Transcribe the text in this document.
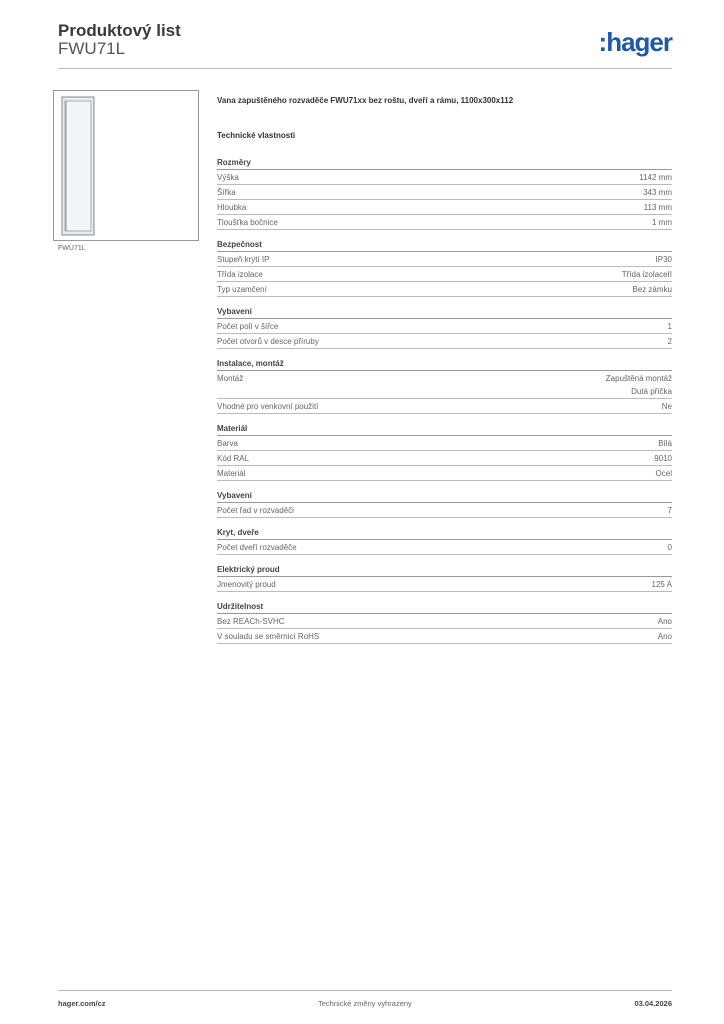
Produktový list
FWU71L	:hager
FWU71L
Vana zapuštěného rozvaděče FWU71xx bez roštu, dveří a rámu, 1100x300x112
Technické vlastnosti
Rozměry
Výška	1142 mm
Šířka	343 mm
Hloubka	113 mm
Tloušťka bočnice	1 mm
Bezpečnost
Stupeň krytí IP	IP30
Třída izolace	Třída izolaceII
Typ uzamčení	Bez zámku
Vybavení
Počet polí v šířce	1
Počet otvorů v desce příruby	2
Instalace, montáž
Montáž	Zapuštěná montáž
Dutá příčka
Vhodné pro venkovní použití	Ne
Materiál
Barva	Bílá
Kód RAL	9010
Materiál	Ocel
Vybavení
Počet řad v rozvaděči	7
Kryt, dveře
Počet dveří rozvaděče	0
Elektrický proud
Jmenovitý proud	125 A
Udržitelnost
Bez REACh-SVHC	Ano
V souladu se směrnicí RoHS	Ano
hager.com/cz	Technické změny vyhrazeny	03.04.2026
